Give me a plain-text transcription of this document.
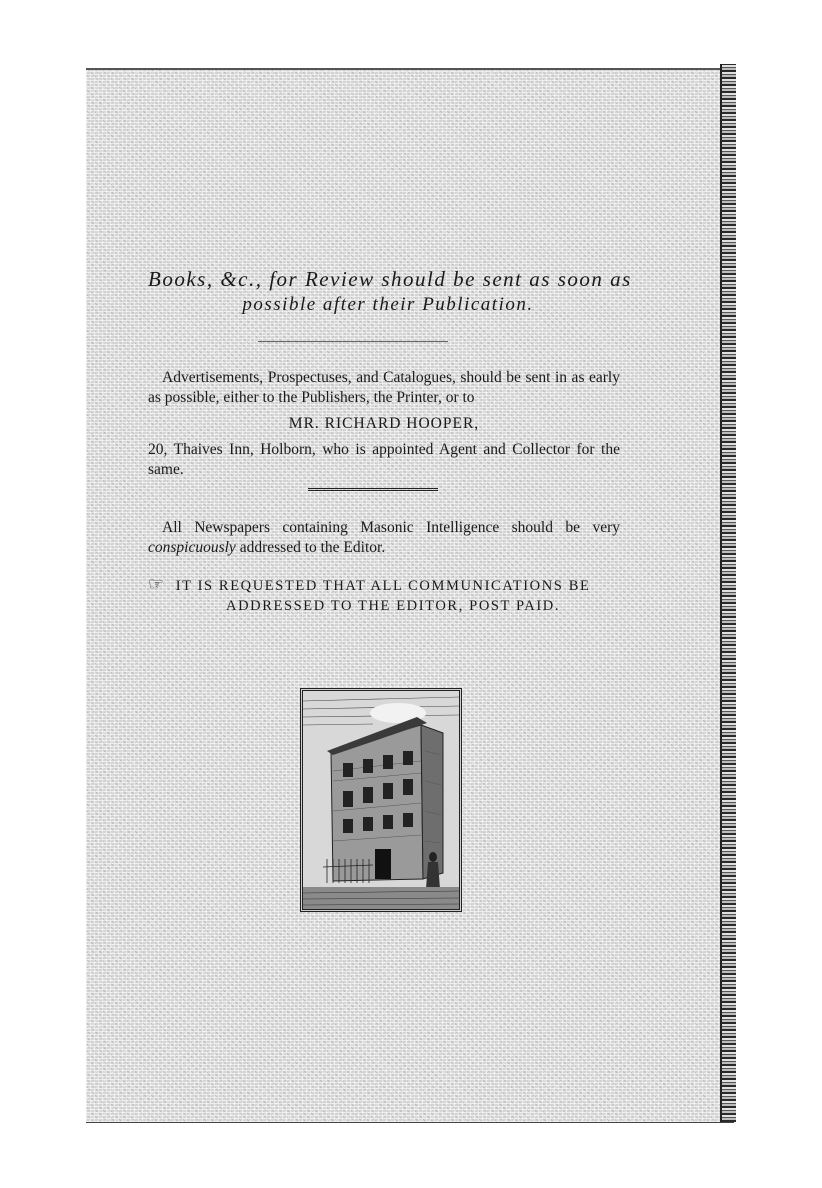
Books, &c., for Review should be sent as soon as
possible after their Publication.
Advertisements, Prospectuses, and Catalogues, should be sent in as early as possible, either to the Publishers, the Printer, or to
MR. RICHARD HOOPER,
20, Thaives Inn, Holborn, who is appointed Agent and Collector for the same.
All Newspapers containing Masonic Intelligence should be very conspicuously addressed to the Editor.
☞ IT IS REQUESTED THAT ALL COMMUNICATIONS BE
ADDRESSED TO THE EDITOR, POST PAID.
